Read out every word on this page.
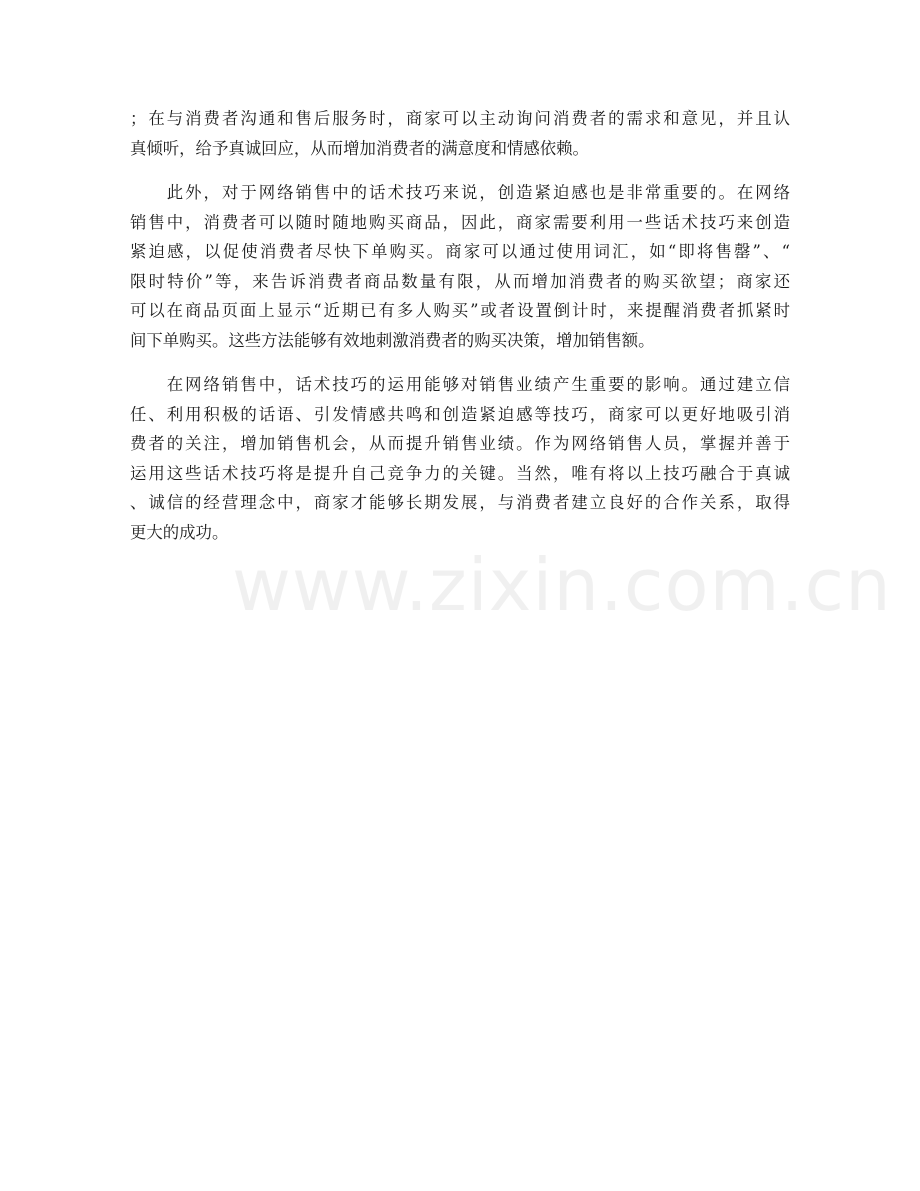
www.zixin.com.cn

；在与消费者沟通和售后服务时，商家可以主动询问消费者的需求和意见，并且认
真倾听，给予真诚回应，从而增加消费者的满意度和情感依赖。

　　此外，对于网络销售中的话术技巧来说，创造紧迫感也是非常重要的。在网络
销售中，消费者可以随时随地购买商品，因此，商家需要利用一些话术技巧来创造
紧迫感，以促使消费者尽快下单购买。商家可以通过使用词汇，如“即将售罄”、“
限时特价”等，来告诉消费者商品数量有限，从而增加消费者的购买欲望；商家还
可以在商品页面上显示“近期已有多人购买”或者设置倒计时，来提醒消费者抓紧时
间下单购买。这些方法能够有效地刺激消费者的购买决策，增加销售额。

　　在网络销售中，话术技巧的运用能够对销售业绩产生重要的影响。通过建立信
任、利用积极的话语、引发情感共鸣和创造紧迫感等技巧，商家可以更好地吸引消
费者的关注，增加销售机会，从而提升销售业绩。作为网络销售人员，掌握并善于
运用这些话术技巧将是提升自己竞争力的关键。当然，唯有将以上技巧融合于真诚
、诚信的经营理念中，商家才能够长期发展，与消费者建立良好的合作关系，取得
更大的成功。
